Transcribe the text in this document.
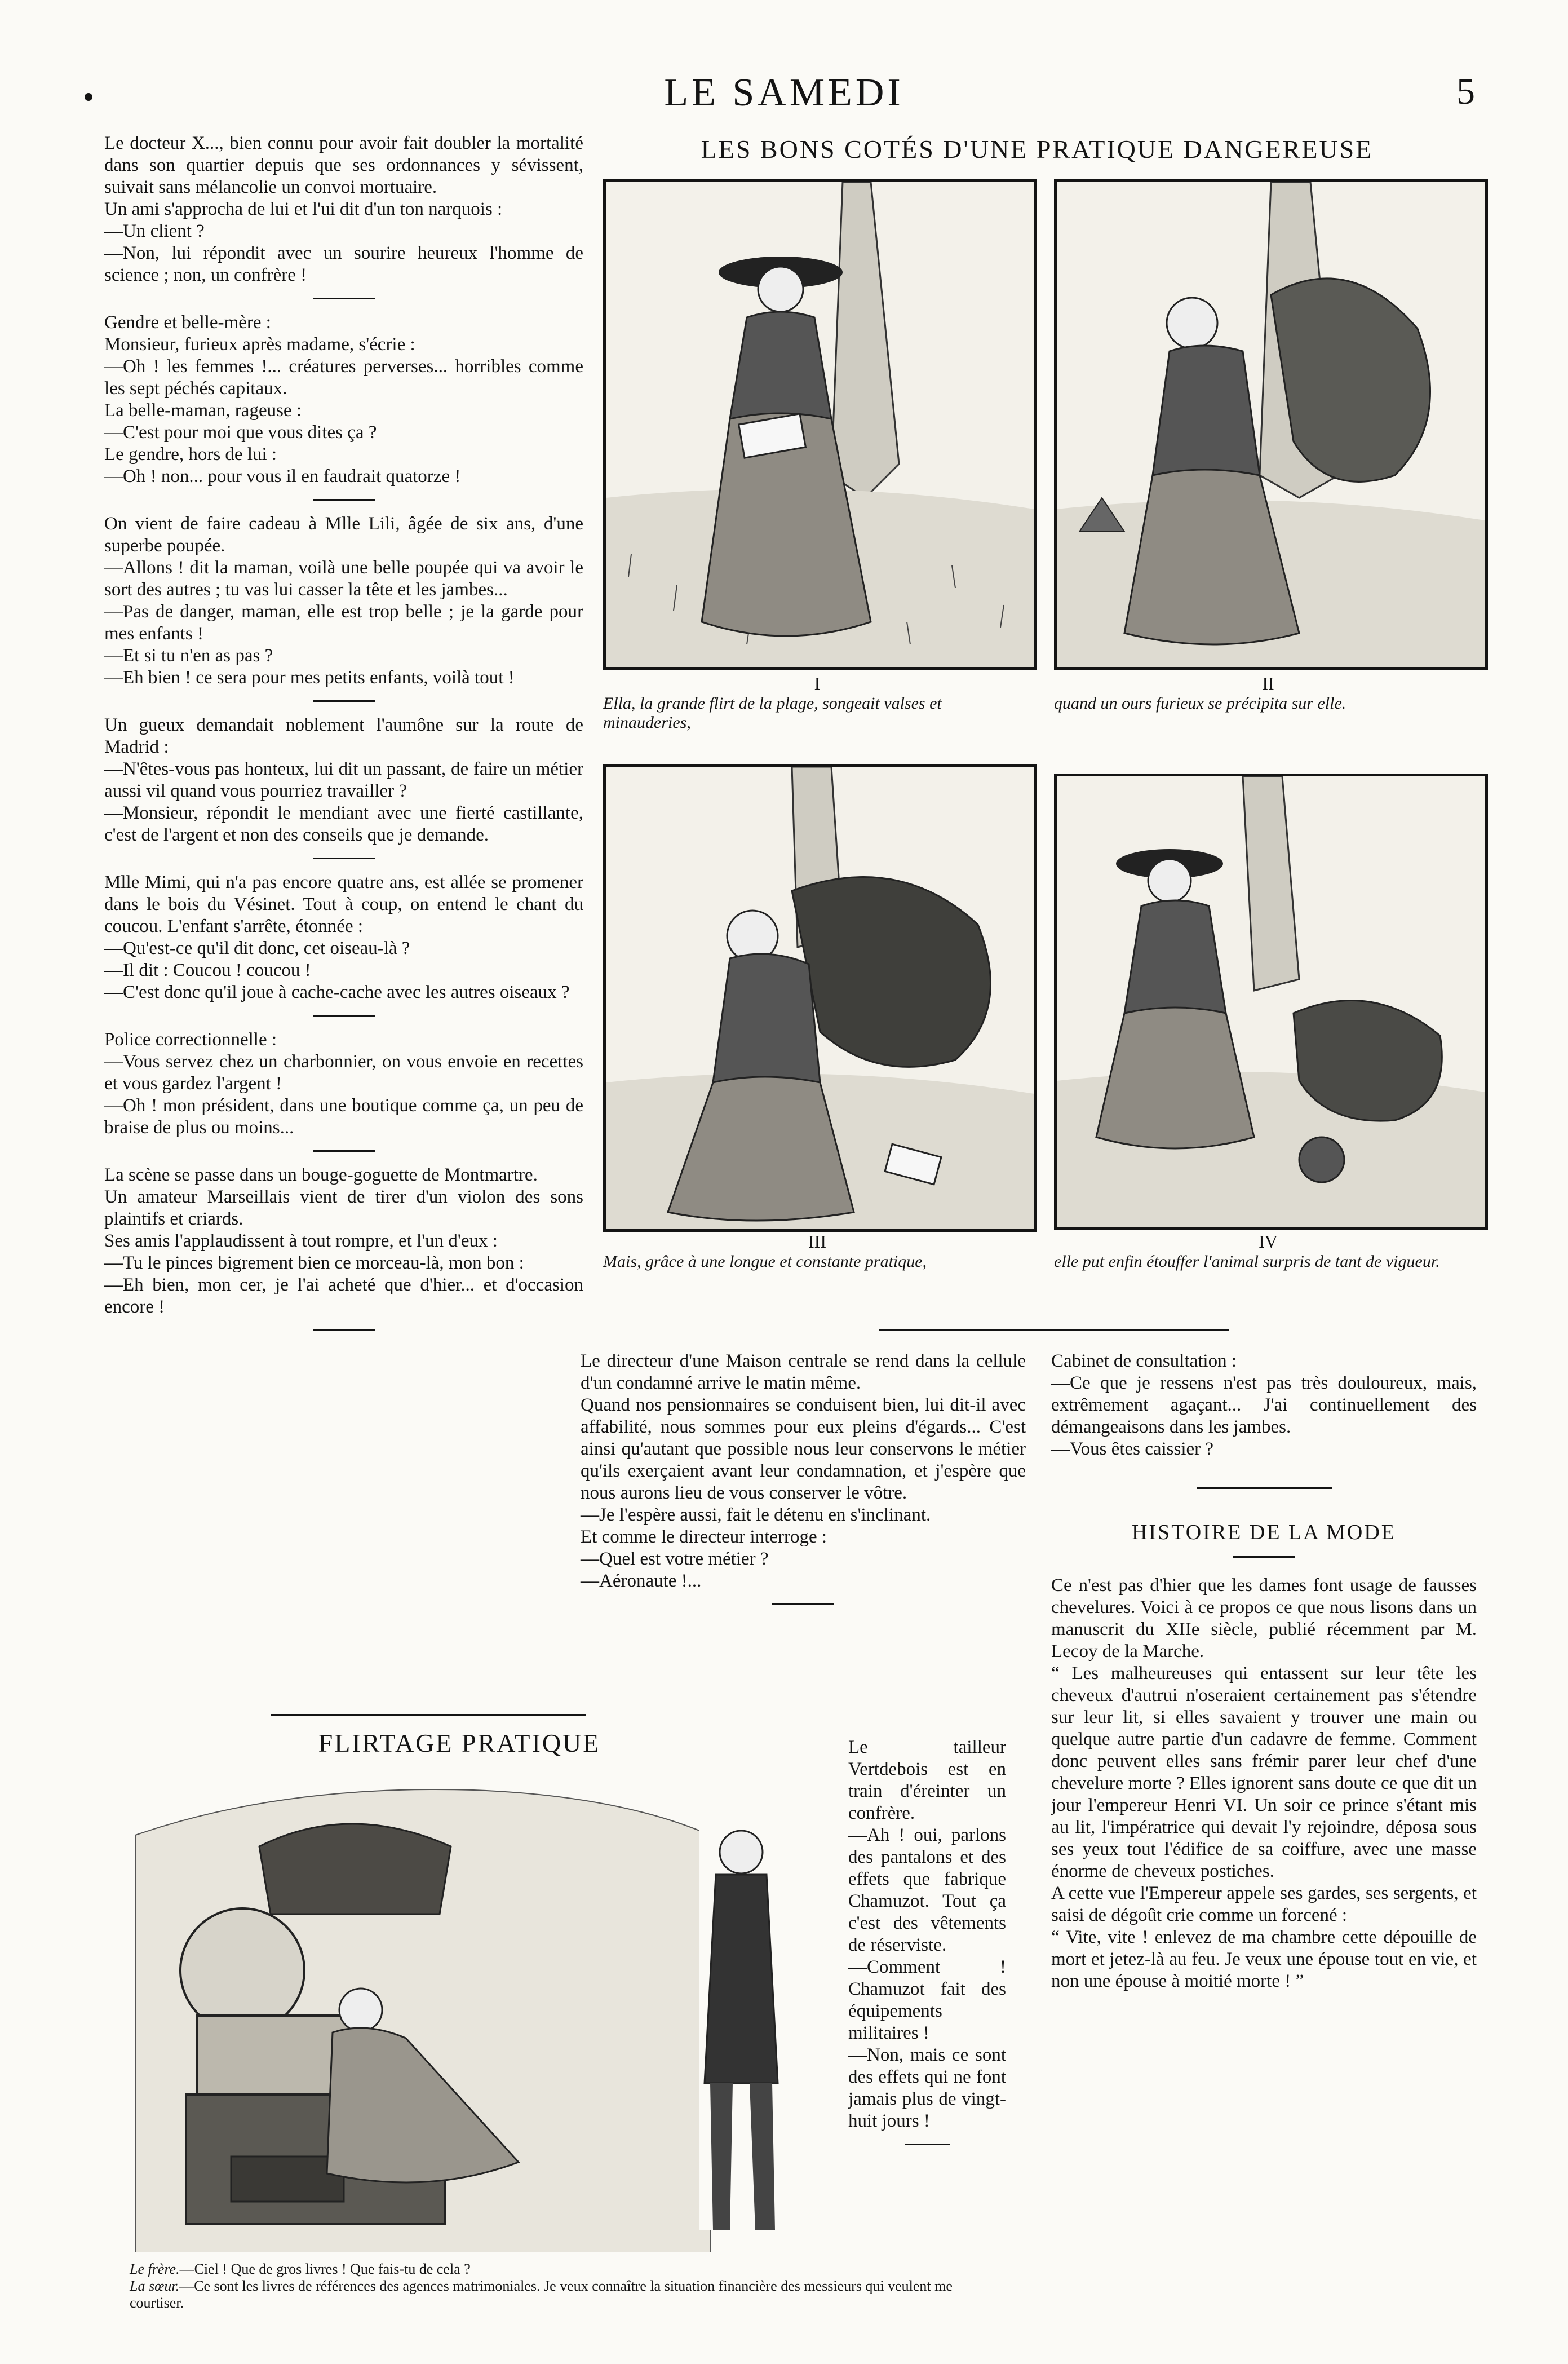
LE SAMEDI	5

Le docteur X..., bien connu pour avoir fait doubler la mortalité dans son quartier depuis que ses ordonnances y sévissent, suivait sans mélancolie un convoi mortuaire.

Un ami s'approcha de lui et l'ui dit d'un ton narquois :

—Un client ?

—Non, lui répondit avec un sourire heureux l'homme de science ; non, un confrère !

Gendre et belle-mère :

Monsieur, furieux après madame, s'écrie :

—Oh ! les femmes !... créatures perverses... horribles comme les sept péchés capitaux.

La belle-maman, rageuse :

—C'est pour moi que vous dites ça ?

Le gendre, hors de lui :

—Oh ! non... pour vous il en faudrait quatorze !

On vient de faire cadeau à Mlle Lili, âgée de six ans, d'une superbe poupée.

—Allons ! dit la maman, voilà une belle poupée qui va avoir le sort des autres ; tu vas lui casser la tête et les jambes...

—Pas de danger, maman, elle est trop belle ; je la garde pour mes enfants !

—Et si tu n'en as pas ?

—Eh bien ! ce sera pour mes petits enfants, voilà tout !

Un gueux demandait noblement l'aumône sur la route de Madrid :

—N'êtes-vous pas honteux, lui dit un passant, de faire un métier aussi vil quand vous pourriez travailler ?

—Monsieur, répondit le mendiant avec une fierté castillante, c'est de l'argent et non des conseils que je demande.

Mlle Mimi, qui n'a pas encore quatre ans, est allée se promener dans le bois du Vésinet. Tout à coup, on entend le chant du coucou. L'enfant s'arrête, étonnée :

—Qu'est-ce qu'il dit donc, cet oiseau-là ?

—Il dit : Coucou ! coucou !

—C'est donc qu'il joue à cache-cache avec les autres oiseaux ?

Police correctionnelle :

—Vous servez chez un charbonnier, on vous envoie en recettes et vous gardez l'argent !

—Oh ! mon président, dans une boutique comme ça, un peu de braise de plus ou moins...

La scène se passe dans un bouge-goguette de Montmartre.

Un amateur Marseillais vient de tirer d'un violon des sons plaintifs et criards.

Ses amis l'applaudissent à tout rompre, et l'un d'eux :

—Tu le pinces bigrement bien ce morceau-là, mon bon :

—Eh bien, mon cer, je l'ai acheté que d'hier... et d'occasion encore !

LES BONS COTÉS D'UNE PRATIQUE DANGEREUSE
I
Ella, la grande flirt de la plage, songeait valses et minauderies,
II
quand un ours furieux se précipita sur elle.
III
Mais, grâce à une longue et constante pratique,
IV
elle put enfin étouffer l'animal surpris de tant de vigueur.

Le directeur d'une Maison centrale se rend dans la cellule d'un condamné arrive le matin même.

Quand nos pensionnaires se conduisent bien, lui dit-il avec affabilité, nous sommes pour eux pleins d'égards... C'est ainsi qu'autant que possible nous leur conservons le métier qu'ils exerçaient avant leur condamnation, et j'espère que nous aurons lieu de vous conserver le vôtre.

—Je l'espère aussi, fait le détenu en s'inclinant.

Et comme le directeur interroge :

—Quel est votre métier ?

—Aéronaute !...

Cabinet de consultation :

—Ce que je ressens n'est pas très douloureux, mais, extrêmement agaçant... J'ai continuellement des démangeaisons dans les jambes.

—Vous êtes caissier ?

HISTOIRE DE LA MODE

Ce n'est pas d'hier que les dames font usage de fausses chevelures. Voici à ce propos ce que nous lisons dans un manuscrit du XIIe siècle, publié récemment par M. Lecoy de la Marche.

“ Les malheureuses qui entassent sur leur tête les cheveux d'autrui n'oseraient certainement pas s'étendre sur leur lit, si elles savaient y trouver une main ou quelque autre partie d'un cadavre de femme. Comment donc peuvent elles sans frémir parer leur chef d'une chevelure morte ? Elles ignorent sans doute ce que dit un jour l'empereur Henri VI. Un soir ce prince s'étant mis au lit, l'impératrice qui devait l'y rejoindre, déposa sous ses yeux tout l'édifice de sa coiffure, avec une masse énorme de cheveux postiches.

A cette vue l'Empereur appele ses gardes, ses sergents, et saisi de dégoût crie comme un forcené :

“ Vite, vite ! enlevez de ma chambre cette dépouille de mort et jetez-là au feu. Je veux une épouse tout en vie, et non une épouse à moitié morte ! ”

FLIRTAGE PRATIQUE	Le tailleur Vertdebois est en train d'éreinter un confrère.

—Ah ! oui, parlons des pantalons et des effets que fabrique Chamuzot. Tout ça c'est des vêtements de réserviste.

—Comment ! Chamuzot fait des équipements militaires !

—Non, mais ce sont des effets qui ne font jamais plus de vingt-huit jours !

Le frère.—Ciel ! Que de gros livres ! Que fais-tu de cela ?

La sœur.—Ce sont les livres de références des agences matrimoniales. Je veux connaître la situation financière des messieurs qui veulent me courtiser.
